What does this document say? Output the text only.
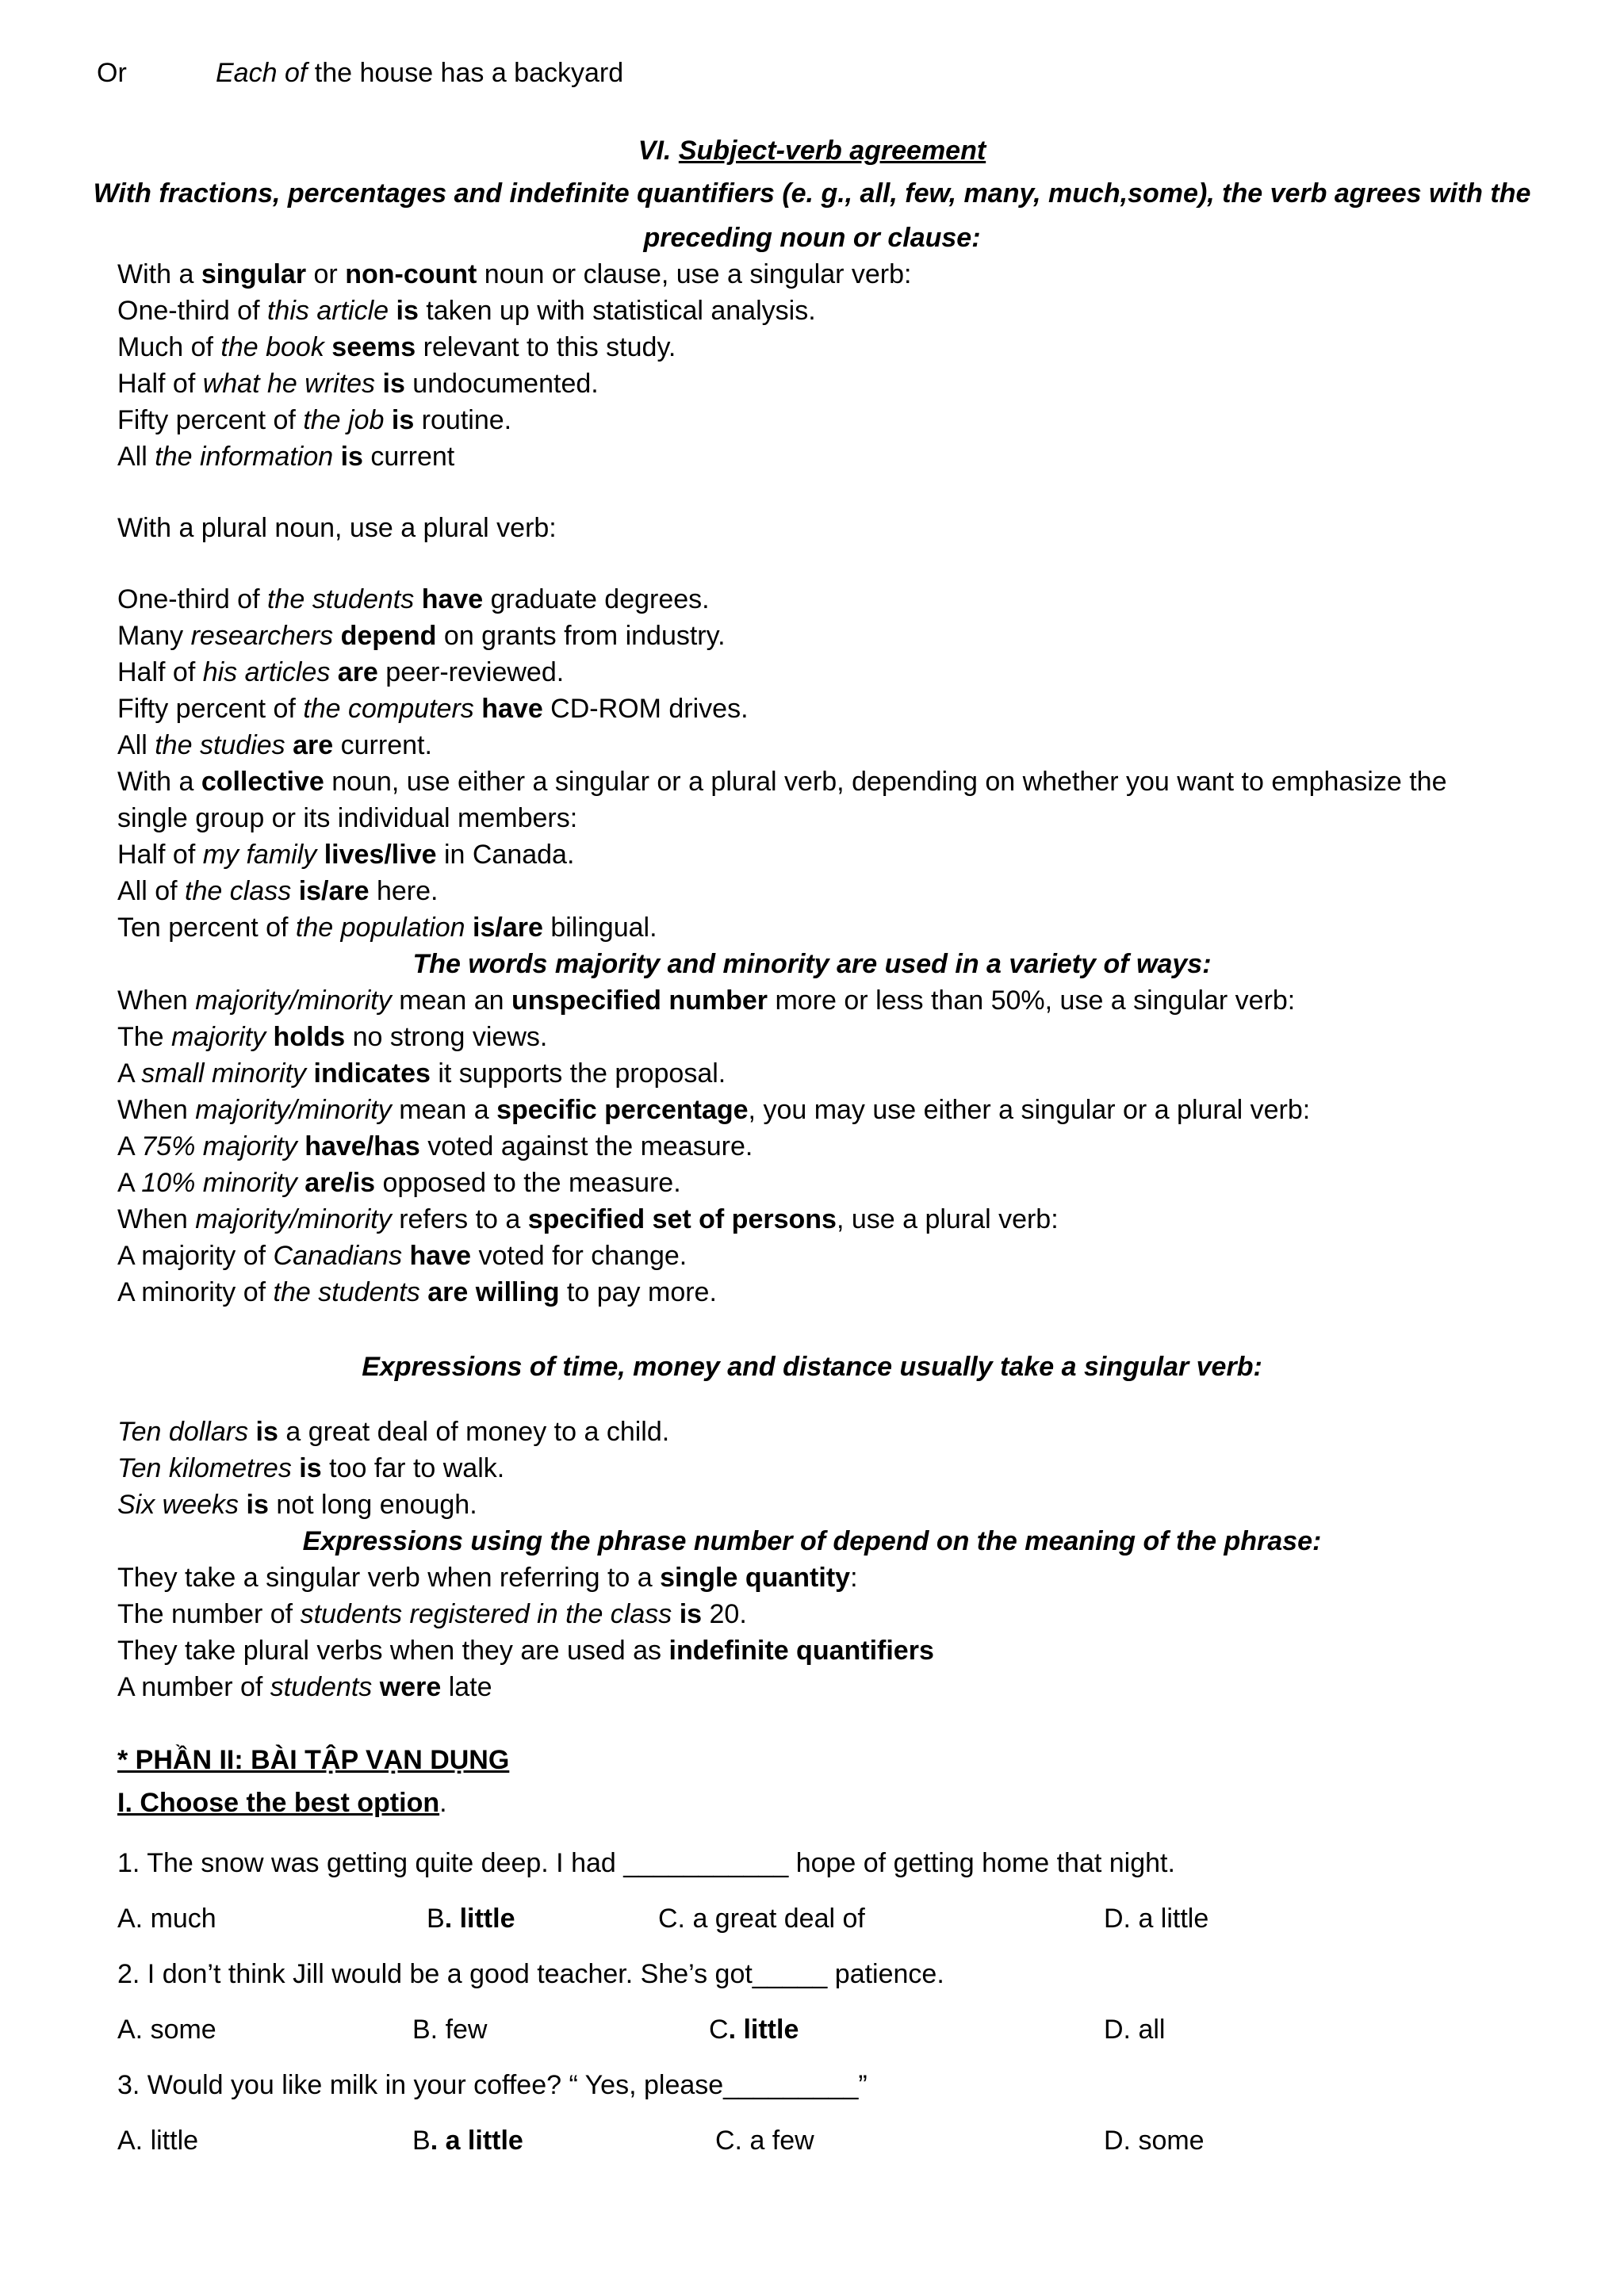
Or	Each of the house has a backyard
VI. Subject-verb agreement
With fractions, percentages and indefinite quantifiers (e. g., all, few, many, much,some), the verb agrees with the
preceding noun or clause:
With a singular or non-count noun or clause, use a singular verb:
One-third of this article is taken up with statistical analysis.
Much of the book seems relevant to this study.
Half of what he writes is undocumented.
Fifty percent of the job is routine.
All the information is current
With a plural noun, use a plural verb:
One-third of the students have graduate degrees.
Many researchers depend on grants from industry.
Half of his articles are peer-reviewed.
Fifty percent of the computers have CD-ROM drives.
All the studies are current.
With a collective noun, use either a singular or a plural verb, depending on whether you want to emphasize the
single group or its individual members:
Half of my family lives/live in Canada.
All of the class is/are here.
Ten percent of the population is/are bilingual.
The words majority and minority are used in a variety of ways:
When majority/minority mean an unspecified number more or less than 50%, use a singular verb:
The majority holds no strong views.
A small minority indicates it supports the proposal.
When majority/minority mean a specific percentage, you may use either a singular or a plural verb:
A 75% majority have/has voted against the measure.
A 10% minority are/is opposed to the measure.
When majority/minority refers to a specified set of persons, use a plural verb:
A majority of Canadians have voted for change.
A minority of the students are willing to pay more.
Expressions of time, money and distance usually take a singular verb:
Ten dollars is a great deal of money to a child.
Ten kilometres is too far to walk.
Six weeks is not long enough.
Expressions using the phrase number of depend on the meaning of the phrase:
They take a singular verb when referring to a single quantity:
The number of students registered in the class is 20.
They take plural verbs when they are used as indefinite quantifiers
A number of students were late
* PHẦN II: BÀI TẬP VẠN DỤNG
I. Choose the best option.
1. The snow was getting quite deep. I had ___________ hope of getting home that night.
A. much	B. little	C. a great deal of	D. a little
2. I don’t think Jill would be a good teacher. She’s got_____ patience.
A. some	B. few	C. little	D. all
3. Would you like milk in your coffee? “ Yes, please_________”
A. little	B. a little	C. a few	D. some
